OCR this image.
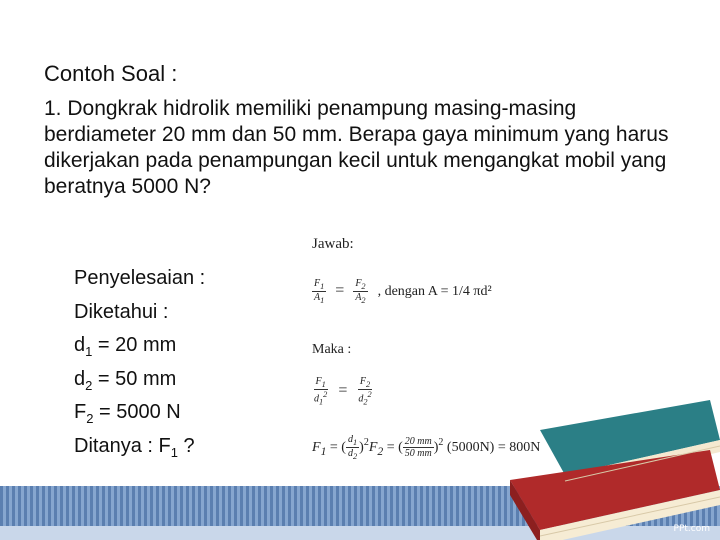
Contoh Soal :
1. Dongkrak hidrolik memiliki penampung masing-masing berdiameter 20 mm dan 50 mm. Berapa gaya minimum yang harus dikerjakan pada penampungan kecil untuk mengangkat mobil yang beratnya 5000 N?
Penyelesaian :
Diketahui :
$d_1 = 20$ mm
$d_2 = 50$ mm
$F_2 = 5000$ N
Ditanya : $F_1$ ?
Jawab:
$\frac{F_1}{A_1} = \frac{F_2}{A_2}$ , dengan A = 1/4 πd²
Maka :
$\frac{F_1}{d_1^2} = \frac{F_2}{d_2^2}$
$F_1$ = ( $\frac{d_1}{d_2} )^2F_2$ = ( $\frac{20 mm}{50 mm} )^2$ (5000N) = 800N
PPt.com
